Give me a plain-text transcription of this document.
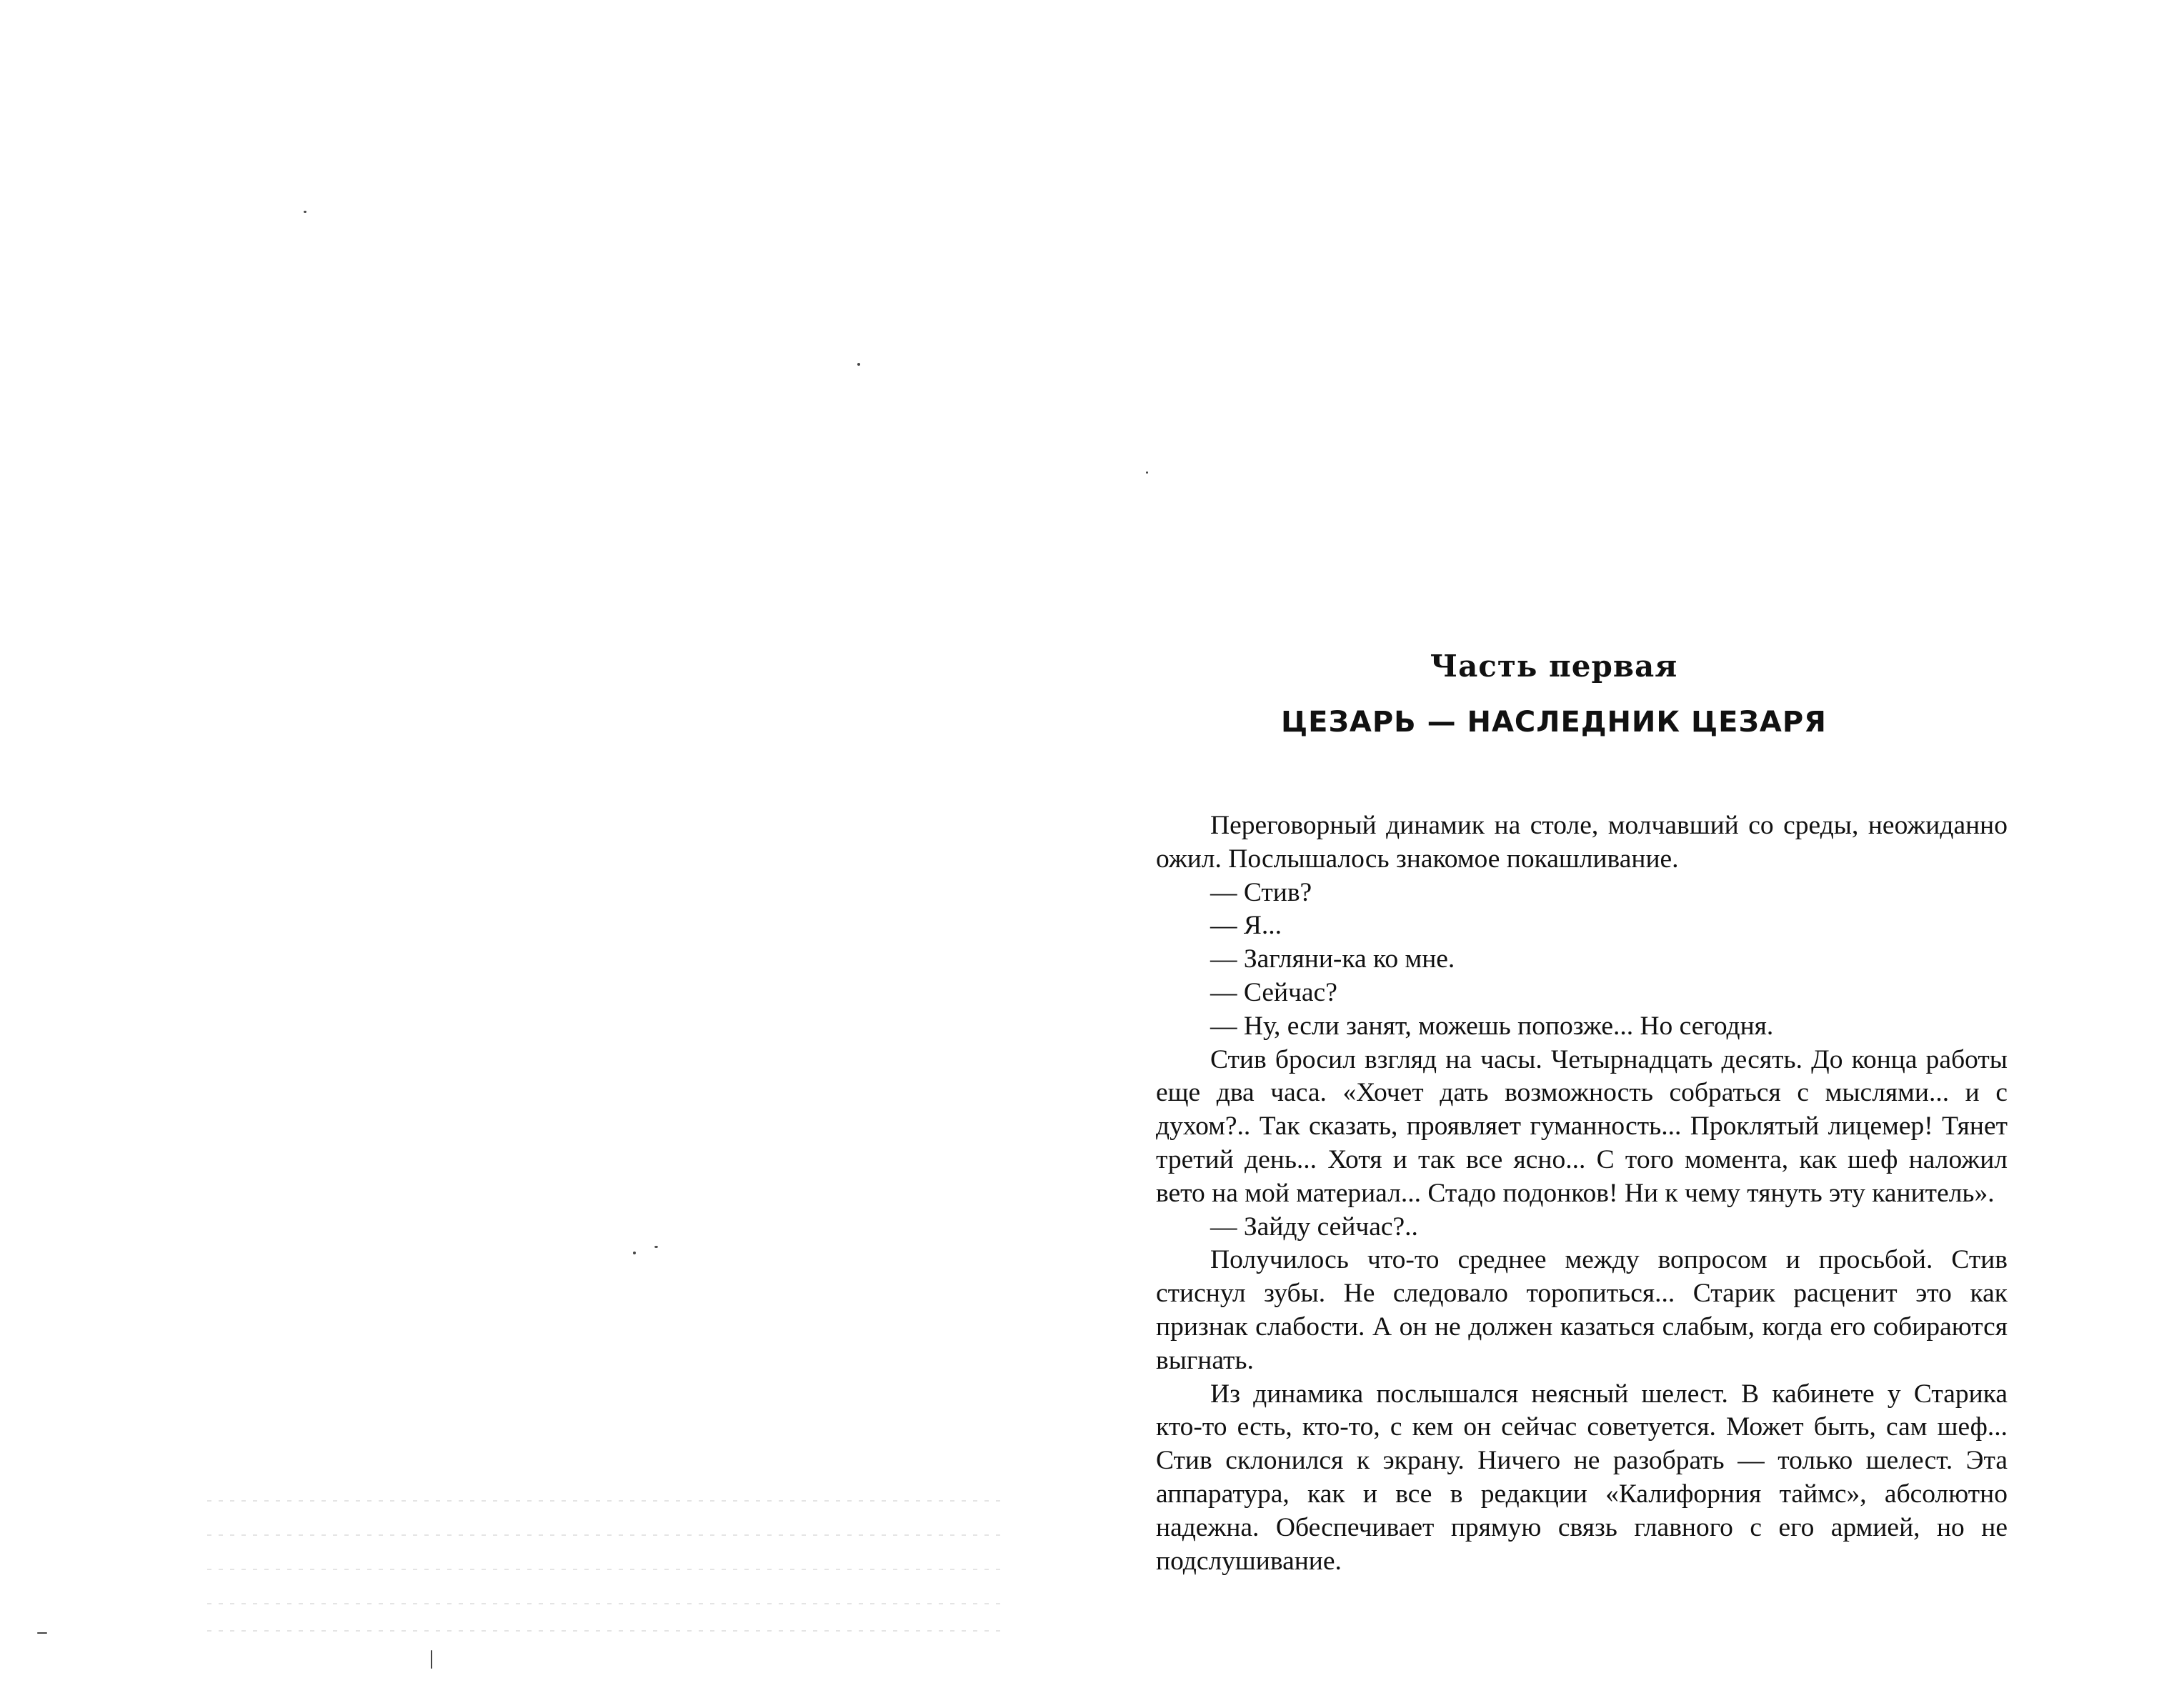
Часть первая
ЦЕЗАРЬ — НАСЛЕДНИК ЦЕЗАРЯ

Переговорный динамик на столе, молчавший со среды, неожиданно ожил. Послышалось знакомое покашливание.

— Стив?

— Я...

— Загляни-ка ко мне.

— Сейчас?

— Ну, если занят, можешь попозже... Но сегодня.

Стив бросил взгляд на часы. Четырнадцать десять. До конца работы еще два часа. «Хочет дать возможность собраться с мыслями... и с духом?.. Так сказать, проявляет гуманность... Проклятый лицемер! Тянет третий день... Хотя и так все ясно... С того момента, как шеф наложил вето на мой материал... Стадо подонков! Ни к чему тянуть эту канитель».

— Зайду сейчас?..

Получилось что-то среднее между вопросом и просьбой. Стив стиснул зубы. Не следовало торопиться... Старик расценит это как признак слабости. А он не должен казаться слабым, когда его собираются выгнать.

Из динамика послышался неясный шелест. В кабинете у Старика кто-то есть, кто-то, с кем он сейчас советуется. Может быть, сам шеф... Стив склонился к экрану. Ничего не разобрать — только шелест. Эта аппаратура, как и все в редакции «Калифорния таймс», абсолютно надежна. Обеспечивает прямую связь главного с его армией, но не подслушивание.
